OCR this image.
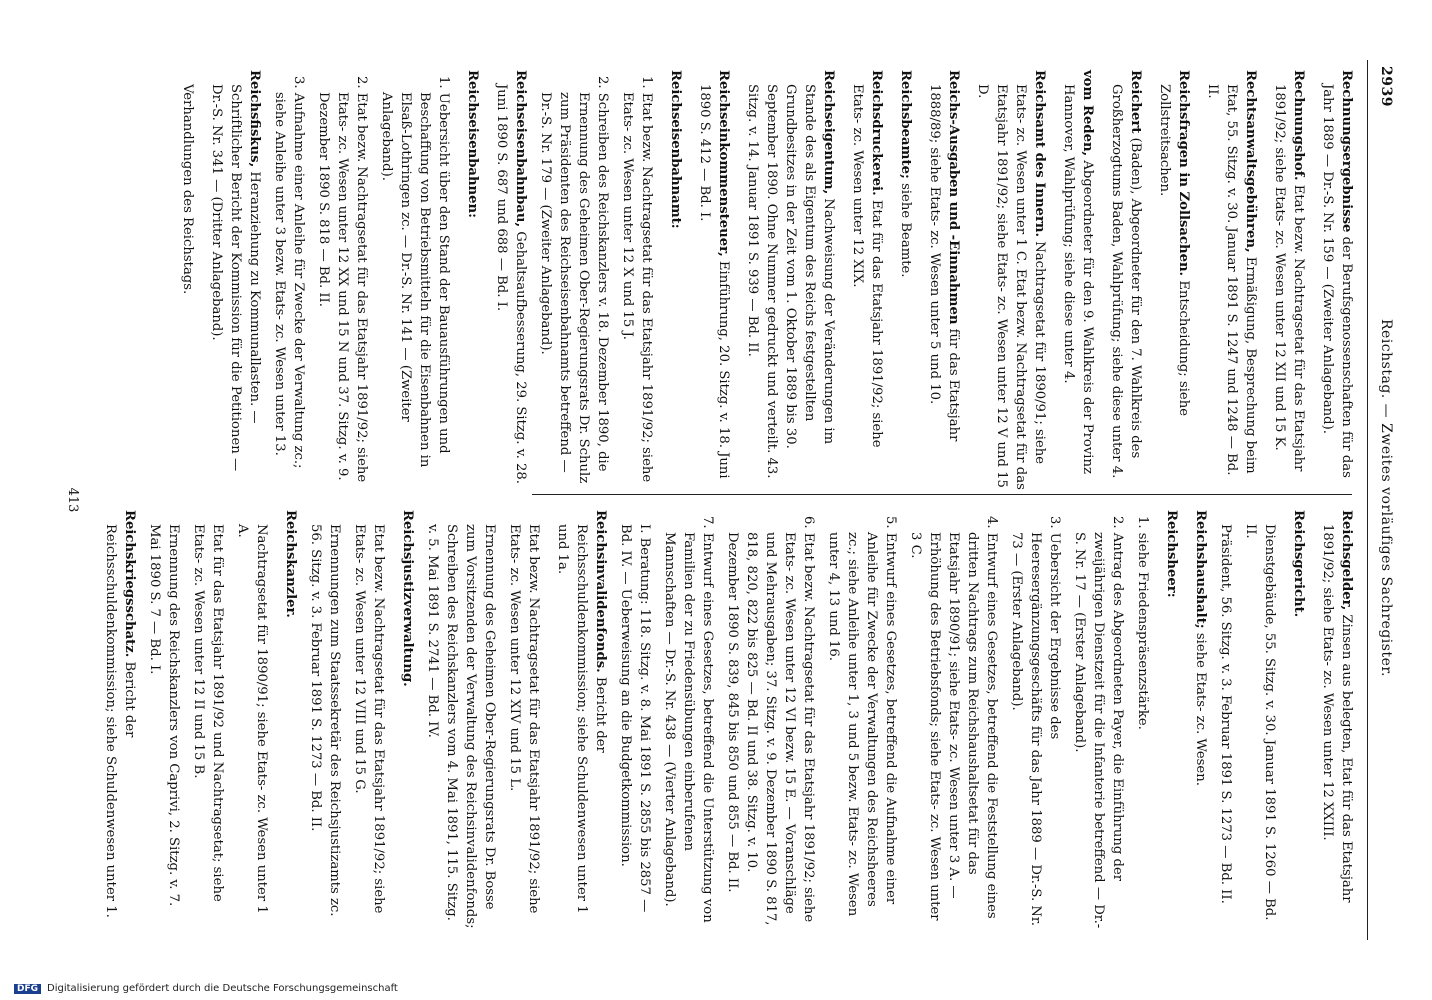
2939
Reichstag. — Zweites vorläufiges Sachregister.
Rechnungsergebnisse der Berufsgenossenschaften für das Jahr 1889 — Dr.-S. Nr. 159 — (Zweiter Anlageband).
Rechnungshof. Etat bezw. Nachtragsetat für das Etatsjahr 1891/92; siehe Etats- zc. Wesen unter 12 XII und 15 K.
Rechtsanwaltsgebühren, Ermäßigung, Besprechung beim Etat, 55. Sitzg. v. 30. Januar 1891 S. 1247 und 1248 — Bd. II.
Reichsfragen in Zollsachen. Entscheidung; siehe Zollstreitsachen.
Reichert (Baden), Abgeordneter für den 7. Wahlkreis des Großherzogtums Baden, Wahlprüfung; siehe diese unter 4.
vom Reden, Abgeordneter für den 9. Wahlkreis der Provinz Hannover, Wahlprüfung; siehe diese unter 4.
Reichsamt des Innern. Nachtragsetat für 1890/91; siehe Etats- zc. Wesen unter 1 C. Etat bezw. Nachtragsetat für das Etatsjahr 1891/92; siehe Etats- zc. Wesen unter 12 V und 15 D.
Reichs-Ausgaben und -Einnahmen für das Etatsjahr 1888/89; siehe Etats- zc. Wesen unter 5 und 10.
Reichsbeamte; siehe Beamte.
Reichsdruckerei. Etat für das Etatsjahr 1891/92; siehe Etats- zc. Wesen unter 12 XIX.
Reichseigentum, Nachweisung der Veränderungen im Stande des als Eigentum des Reichs festgestellten Grundbesitzes in der Zeit vom 1. Oktober 1889 bis 30. September 1890. Ohne Nummer gedruckt und verteilt. 43. Sitzg. v. 14. Januar 1891 S. 939 — Bd. II.
Reichseinkommensteuer, Einführung, 20. Sitzg. v. 18. Juni 1890 S. 412 — Bd. I.
Reichseisenbahnamt:
1. Etat bezw. Nachtragsetat für das Etatsjahr 1891/92; siehe Etats- zc. Wesen unter 12 X und 15 J.
2. Schreiben des Reichskanzlers v. 18. Dezember 1890, die Ernennung des Geheimen Ober-Regierungsrats Dr. Schulz zum Präsidenten des Reichseisenbahnamts betreffend — Dr.-S. Nr. 179 — (Zweiter Anlageband).
Reichseisenbahnbau, Gehaltsaufbesserung, 29. Sitzg. v. 28. Juni 1890 S. 687 und 688 — Bd. I.
Reichseisenbahnen:
1. Uebersicht über den Stand der Bauausführungen und Beschaffung von Betriebsmitteln für die Eisenbahnen in Elsaß-Lothringen zc. — Dr.-S. Nr. 141 — (Zweiter Anlageband).
2. Etat bezw. Nachtragsetat für das Etatsjahr 1891/92; siehe Etats- zc. Wesen unter 12 XX und 15 N und 37. Sitzg. v. 9. Dezember 1890 S. 818 — Bd. II.
3. Aufnahme einer Anleihe für Zwecke der Verwaltung zc.; siehe Anleihe unter 3 bezw. Etats- zc. Wesen unter 13.
Reichsfiskus, Heranziehung zu Kommunallasten. — Schriftlicher Bericht der Kommission für die Petitionen — Dr.-S. Nr. 341 — (Dritter Anlageband).
Verhandlungen des Reichstags.
Reichsgelder, Zinsen aus belegten, Etat für das Etatsjahr 1891/92; siehe Etats- zc. Wesen unter 12 XXIII.
Reichsgericht.
Dienstgebäude, 55. Sitzg. v. 30. Januar 1891 S. 1260 — Bd. II.
Präsident, 56. Sitzg. v. 3. Februar 1891 S. 1273 — Bd. II.
Reichshaushalt; siehe Etats- zc. Wesen.
Reichsheer:
1. siehe Friedenspräsenzstärke.
2. Antrag des Abgeordneten Payer, die Einführung der zweijährigen Dienstzeit für die Infanterie betreffend — Dr.-S. Nr. 17 — (Erster Anlageband).
3. Uebersicht der Ergebnisse des Heeresergänzungsgeschäfts für das Jahr 1889 — Dr.-S. Nr. 73 — (Erster Anlageband).
4. Entwurf eines Gesetzes, betreffend die Feststellung eines dritten Nachtrags zum Reichshaushaltsetat für das Etatsjahr 1890/91; siehe Etats- zc. Wesen unter 3 A. — Erhöhung des Betriebsfonds; siehe Etats- zc. Wesen unter 3 C.
5. Entwurf eines Gesetzes, betreffend die Aufnahme einer Anleihe für Zwecke der Verwaltungen des Reichsheeres zc.; siehe Anleihe unter 1, 3 und 5 bezw. Etats- zc. Wesen unter 4, 13 und 16.
6. Etat bezw. Nachtragsetat für das Etatsjahr 1891/92; siehe Etats- zc. Wesen unter 12 VI bezw. 15 E. — Voranschläge und Mehrausgaben; 37. Sitzg. v. 9. Dezember 1890 S. 817, 818, 820, 822 bis 825 — Bd. II und 38. Sitzg. v. 10. Dezember 1890 S. 839, 845 bis 850 und 855 — Bd. II.
7. Entwurf eines Gesetzes, betreffend die Unterstützung von Familien der zu Friedensübungen einberufenen Mannschaften — Dr.-S. Nr. 438 — (Vierter Anlageband).
I. Beratung: 118. Sitzg. v. 8. Mai 1891 S. 2855 bis 2857 — Bd. IV. — Ueberweisung an die Budgetkommission.
Reichsinvalidenfonds. Bericht der Reichsschuldenkommission; siehe Schuldenwesen unter 1 und 1a.
Etat bezw. Nachtragsetat für das Etatsjahr 1891/92; siehe Etats- zc. Wesen unter 12 XIV und 15 L.
Ernennung des Geheimen Ober-Regierungsrats Dr. Bosse zum Vorsitzenden der Verwaltung des Reichsinvalidenfonds; Schreiben des Reichskanzlers vom 4. Mai 1891, 115. Sitzg. v. 5. Mai 1891 S. 2741 — Bd. IV.
Reichsjustizverwaltung.
Etat bezw. Nachtragsetat für das Etatsjahr 1891/92; siehe Etats- zc. Wesen unter 12 VIII und 15 G.
Ernennungen zum Staatssekretär des Reichsjustizamts zc. 56. Sitzg. v. 3. Februar 1891 S. 1273 — Bd. II.
Reichskanzler.
Nachtragsetat für 1890/91; siehe Etats- zc. Wesen unter 1 A.
Etat für das Etatsjahr 1891/92 und Nachtragsetat; siehe Etats- zc. Wesen unter 12 II und 15 B.
Ernennung des Reichskanzlers von Caprivi, 2. Sitzg. v. 7. Mai 1890 S. 7 — Bd. I.
Reichskriegsschatz. Bericht der Reichsschuldenkommission; siehe Schuldenwesen unter 1.
413
DFG Digitalisierung gefördert durch die Deutsche Forschungsgemeinschaft
